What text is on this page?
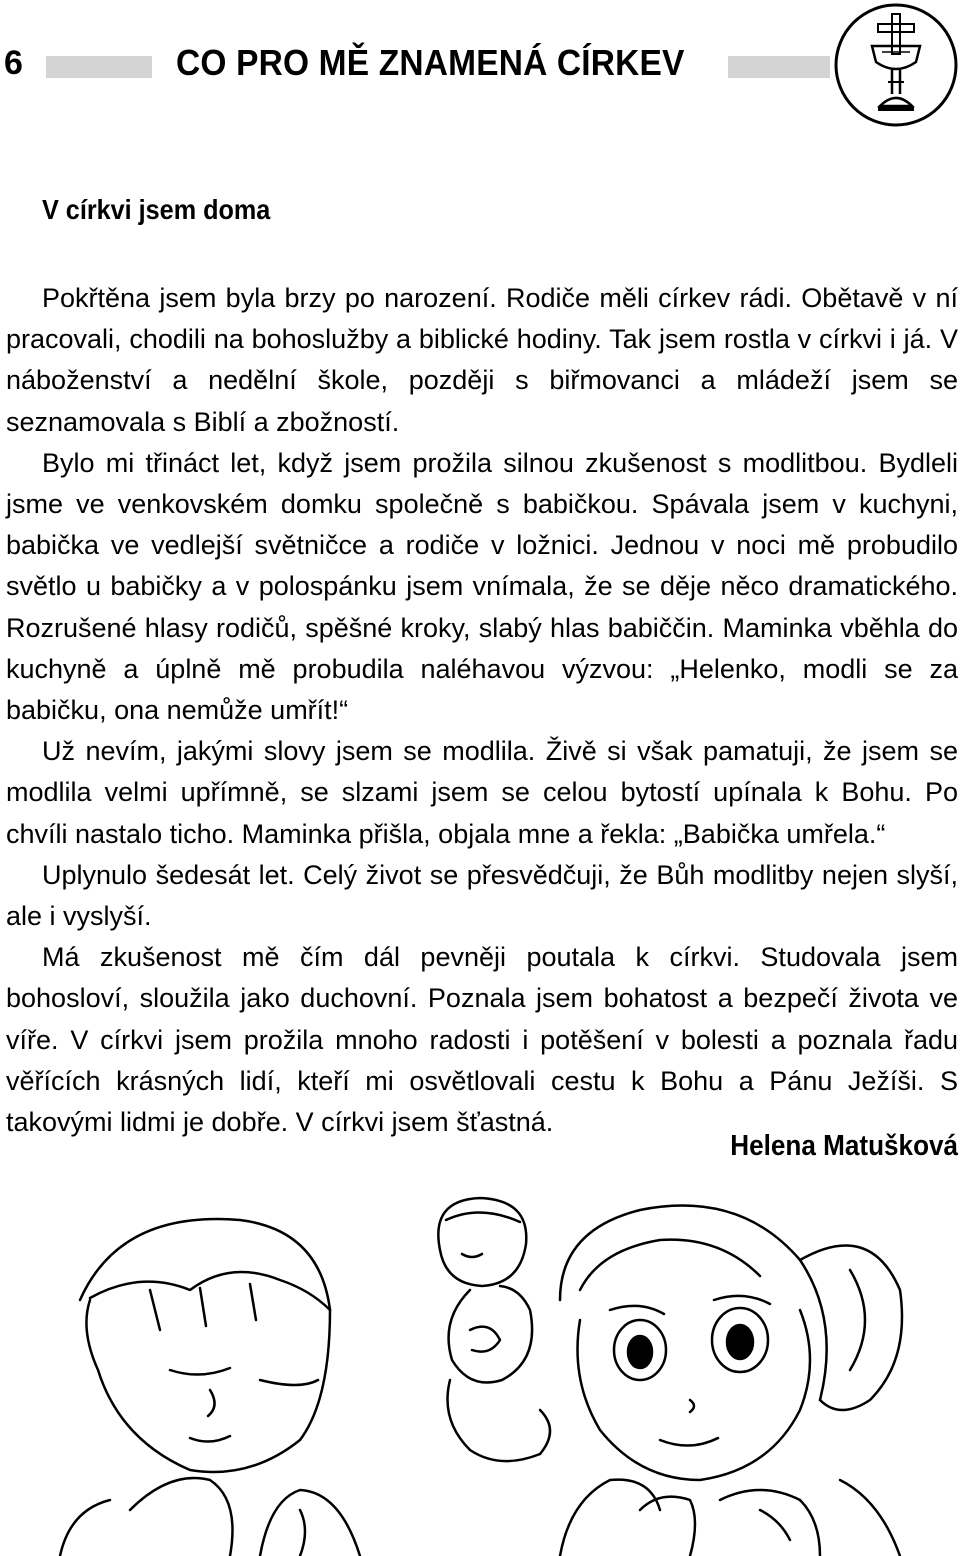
6	CO PRO MĚ ZNAMENÁ CÍRKEV
V církvi jsem doma

Pokřtěna jsem byla brzy po narození. Rodiče měli církev rádi. Obětavě v ní pracovali, chodili na bohoslužby a biblické hodiny. Tak jsem rostla v církvi i já. V náboženství a nedělní škole, později s biřmovanci a mládeží jsem se seznamovala s Biblí a zbožností.

Bylo mi třináct let, když jsem prožila silnou zkušenost s modlitbou. Bydleli jsme ve venkovském domku společně s babičkou. Spávala jsem v kuchyni, babička ve vedlejší světničce a rodiče v ložnici. Jednou v noci mě probudilo světlo u babičky a v polospánku jsem vnímala, že se děje něco dramatického. Rozrušené hlasy rodičů, spěšné kroky, slabý hlas babiččin. Maminka vběhla do kuchyně a úplně mě probudila naléhavou výzvou: „Helenko, modli se za babičku, ona nemůže umřít!“

Už nevím, jakými slovy jsem se modlila. Živě si však pamatuji, že jsem se modlila velmi upřímně, se slzami jsem se celou bytostí upínala k Bohu. Po chvíli nastalo ticho. Maminka přišla, objala mne a řekla: „Babička umřela.“

Uplynulo šedesát let. Celý život se přesvědčuji, že Bůh modlitby nejen slyší, ale i vyslyší.

Má zkušenost mě čím dál pevněji poutala k církvi. Studovala jsem bohosloví, sloužila jako duchovní. Poznala jsem bohatost a bezpečí života ve víře. V církvi jsem prožila mnoho radosti i potěšení v bolesti a poznala řadu věřících krásných lidí, kteří mi osvětlovali cestu k Bohu a Pánu Ježíši. S takovými lidmi je dobře. V církvi jsem šťastná.

Helena Matušková
